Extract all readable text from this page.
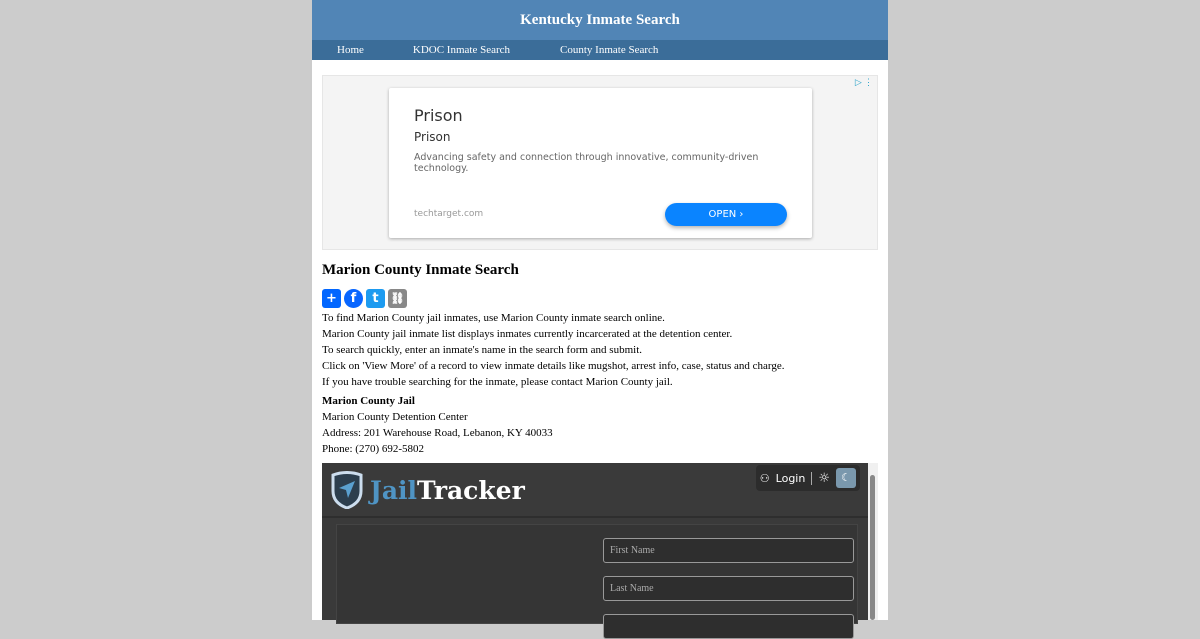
Kentucky Inmate Search
Home	KDOC Inmate Search	County Inmate Search
▷ ⋮
Prison
Prison
Advancing safety and connection through innovative, community-driven technology.
techtarget.com	OPEN ›
Marion County Inmate Search
+	f	t	⛓
To find Marion County jail inmates, use Marion County inmate search online.
Marion County jail inmate list displays inmates currently incarcerated at the detention center.
To search quickly, enter an inmate's name in the search form and submit.
Click on 'View More' of a record to view inmate details like mugshot, arrest info, case, status and charge.
If you have trouble searching for the inmate, please contact Marion County jail.
Marion County Jail
Marion County Detention Center
Address: 201 Warehouse Road, Lebanon, KY 40033
Phone: (270) 692-5802
JailTracker	⚇ Login	☼	☾
First Name
Last Name
